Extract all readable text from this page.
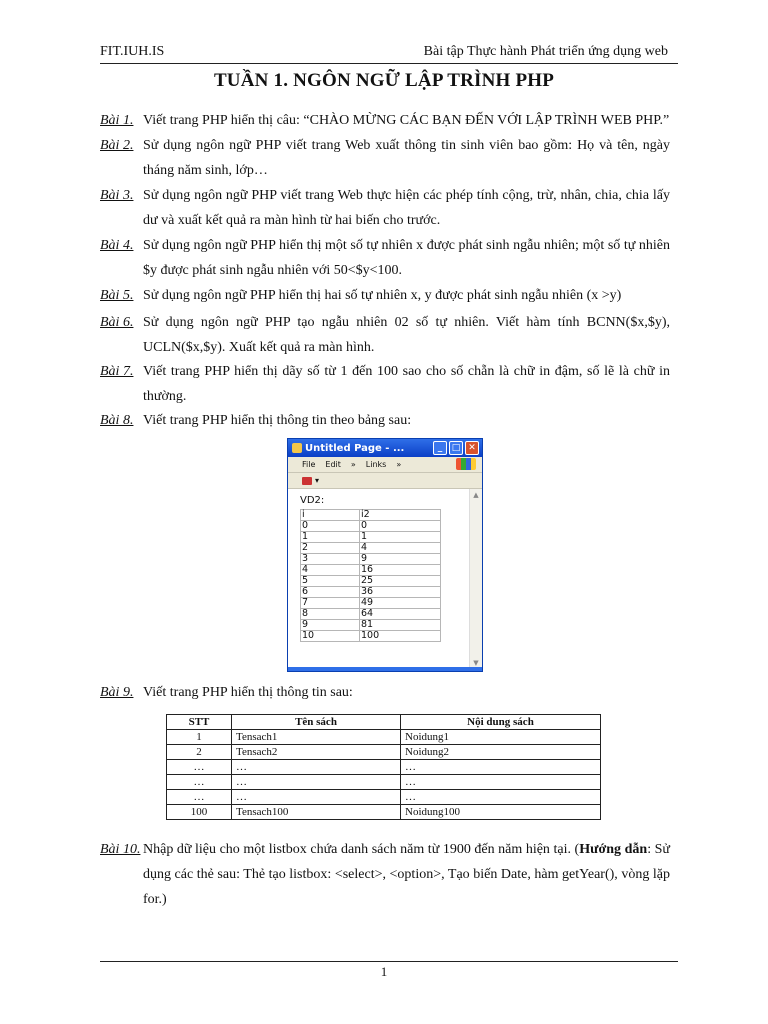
FIT.IUH.IS	Bài tập Thực hành Phát triển ứng dụng web
TUẦN 1. NGÔN NGỮ LẬP TRÌNH PHP
Bài 1. Viết trang PHP hiển thị câu: “CHÀO MỪNG CÁC BẠN ĐẾN VỚI LẬP TRÌNH WEB PHP.”
Bài 2. Sử dụng ngôn ngữ PHP viết trang Web xuất thông tin sinh viên bao gồm: Họ và tên, ngày tháng năm sinh, lớp…
Bài 3. Sử dụng ngôn ngữ PHP viết trang Web thực hiện các phép tính cộng, trừ, nhân, chia, chia lấy dư và xuất kết quả ra màn hình từ hai biến cho trước.
Bài 4. Sử dụng ngôn ngữ PHP hiển thị một số tự nhiên x được phát sinh ngẫu nhiên; một số tự nhiên $y được phát sinh ngẫu nhiên với 50<$y<100.
Bài 5. Sử dụng ngôn ngữ PHP hiển thị hai số tự nhiên x, y được phát sinh ngẫu nhiên (x >y)
Bài 6. Sử dụng ngôn ngữ PHP tạo ngẫu nhiên 02 số tự nhiên. Viết hàm tính BCNN($x,$y), UCLN($x,$y). Xuất kết quả ra màn hình.
Bài 7. Viết trang PHP hiển thị dãy số từ 1 đến 100 sao cho số chẵn là chữ in đậm, số lẽ là chữ in thường.
Bài 8. Viết trang PHP hiển thị thông tin theo bảng sau:
Untitled Page - ...	_	□ ✕
File Edit » Links »
▾
VD2:
i	i2
0	0
1	1
2	4
3	9
4	16
5	25
6	36
7	49
8	64
9	81
10	100
▲
▼
Bài 9. Viết trang PHP hiển thị thông tin sau:
STT	Tên sách	Nội dung sách
1	Tensach1	Noidung1
2	Tensach2	Noidung2
…	…	…
…	…	…
…	…	…
100	Tensach100	Noidung100
Bài 10. Nhập dữ liệu cho một listbox chứa danh sách năm từ 1900 đến năm hiện tại. (Hướng dẫn: Sử dụng các thẻ sau: Thẻ tạo listbox: <select>, <option>, Tạo biến Date, hàm getYear(), vòng lặp for.)
1
